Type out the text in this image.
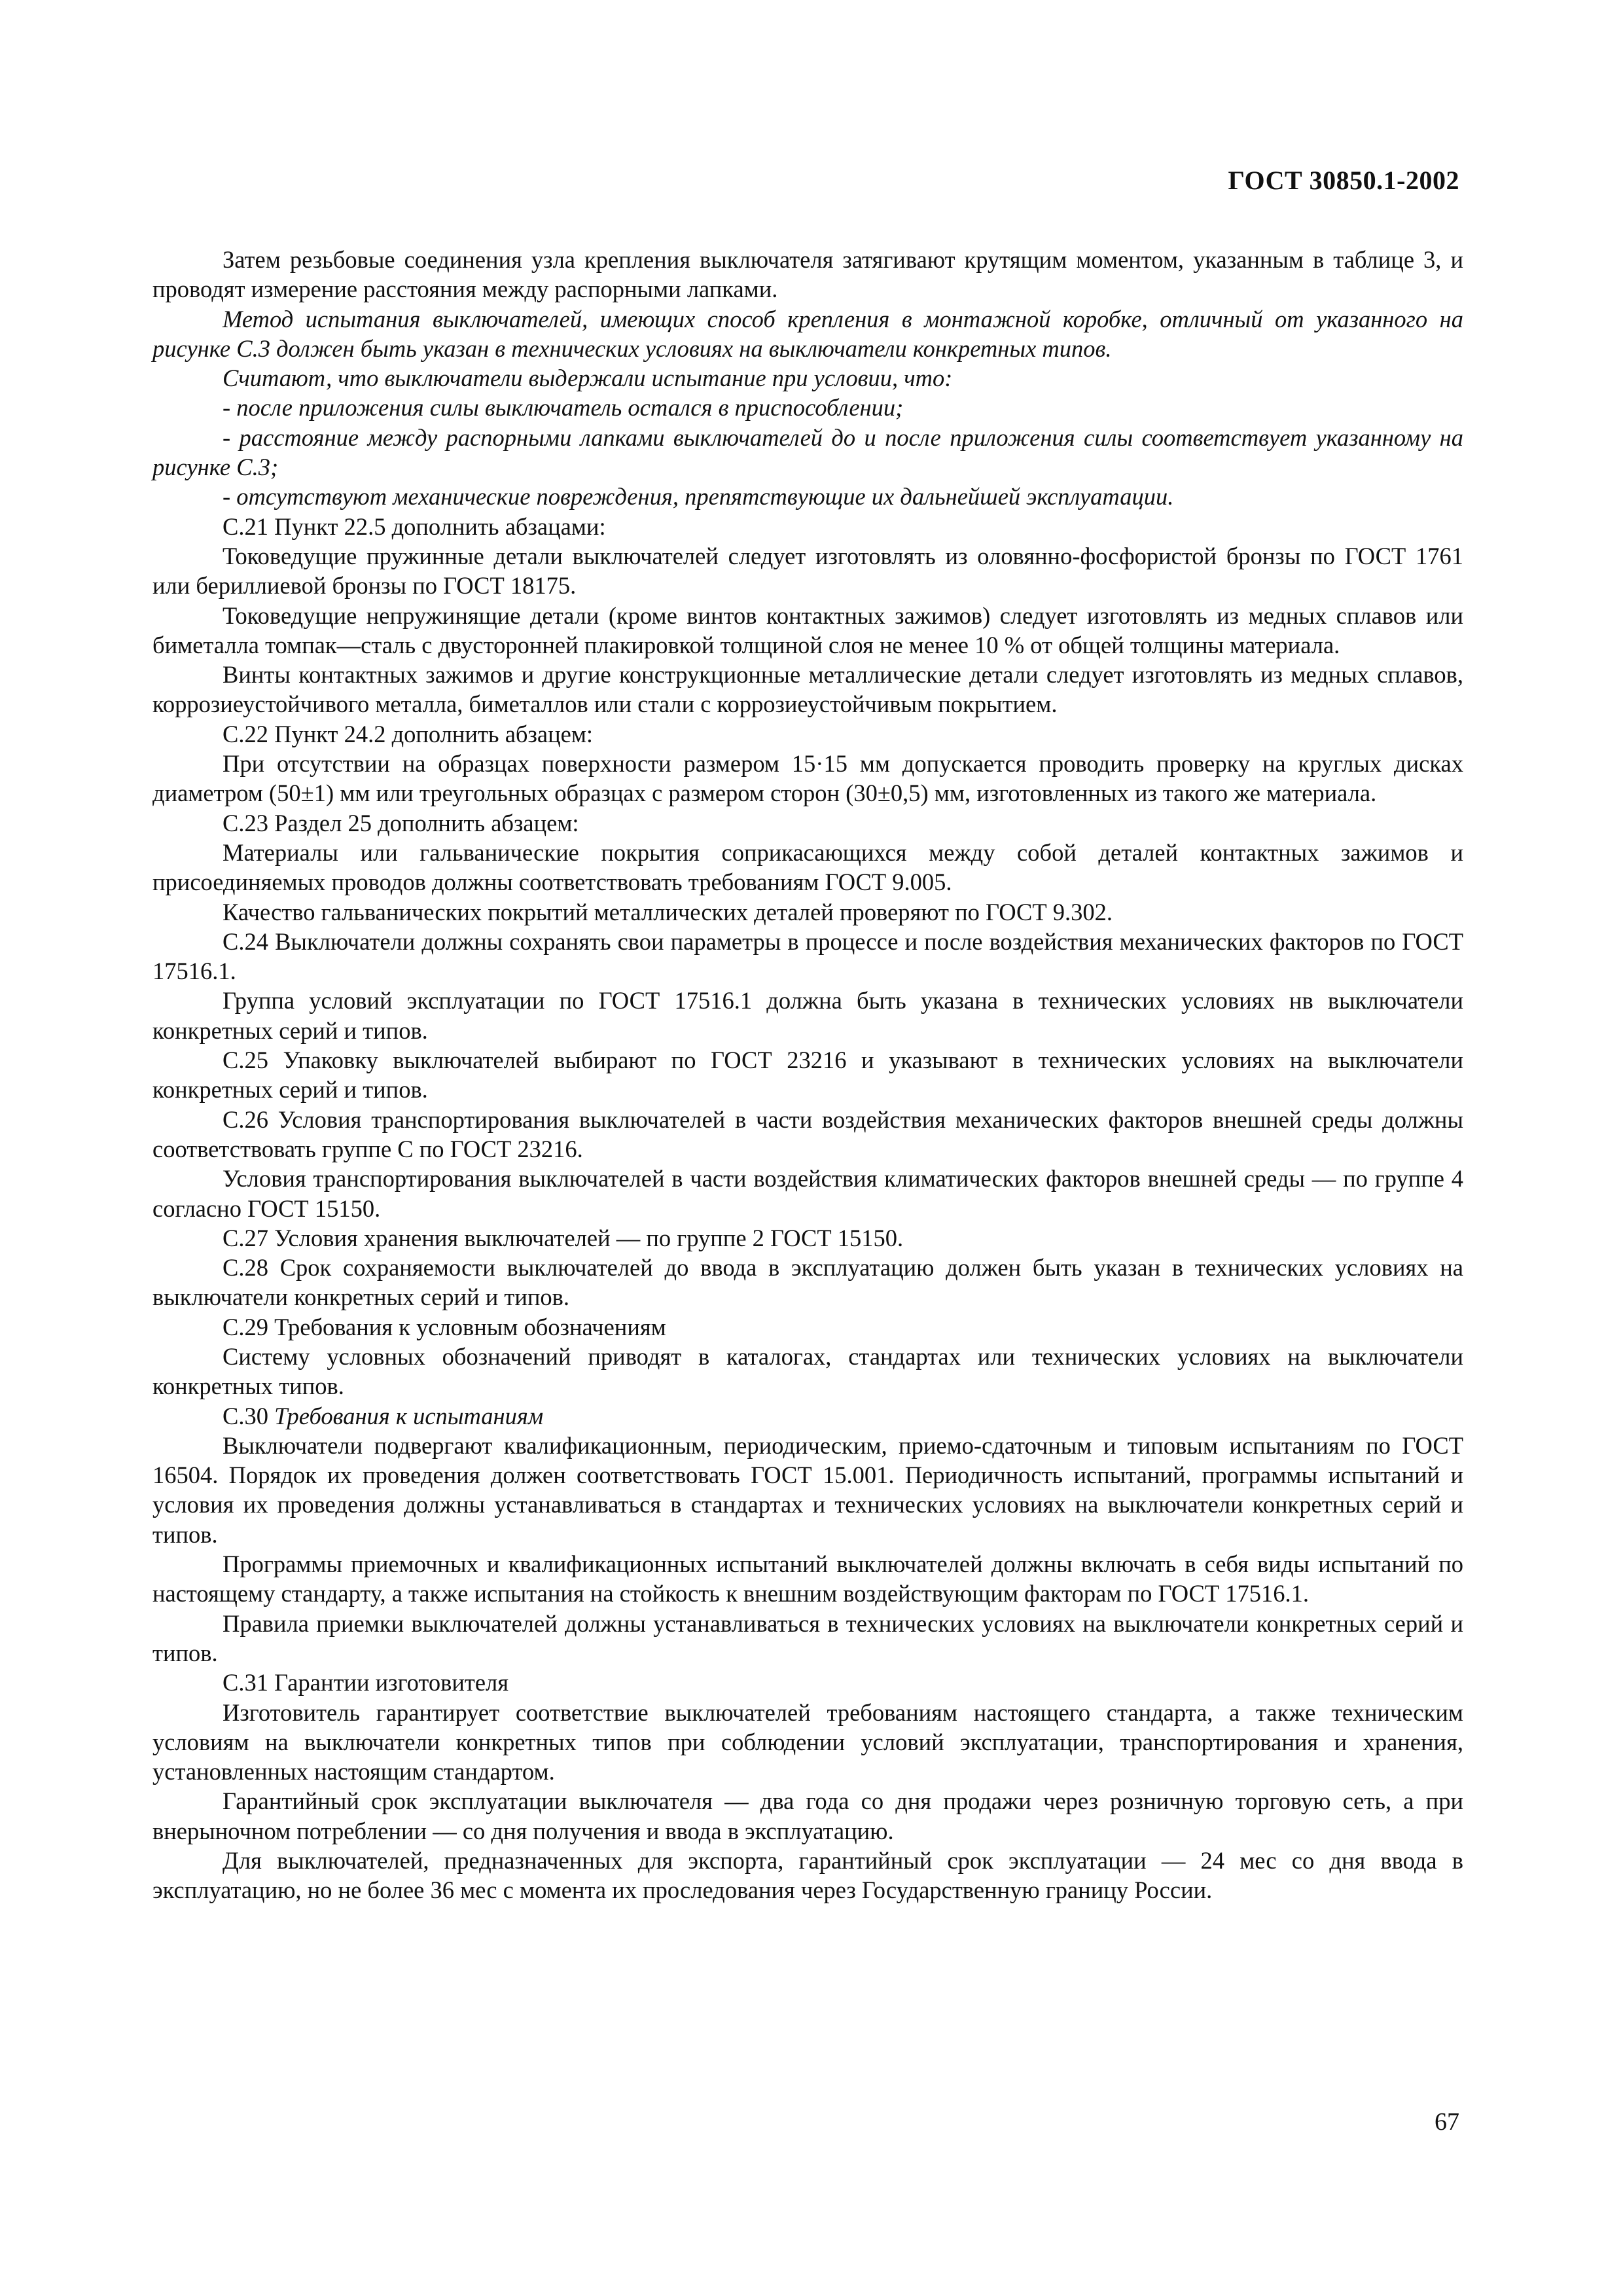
ГОСТ 30850.1-2002

Затем резьбовые соединения узла крепления выключателя затягивают крутящим моментом, указанным в таблице 3, и проводят измерение расстояния между распорными лапками.

Метод испытания выключателей, имеющих способ крепления в монтажной коробке, отличный от указанного на рисунке С.3 должен быть указан в технических условиях на выключатели конкретных типов.

Считают, что выключатели выдержали испытание при условии, что:

- после приложения силы выключатель остался в приспособлении;

- расстояние между распорными лапками выключателей до и после приложения силы соответствует указанному на рисунке С.3;

- отсутствуют механические повреждения, препятствующие их дальнейшей эксплуатации.

С.21 Пункт 22.5 дополнить абзацами:

Токоведущие пружинные детали выключателей следует изготовлять из оловянно-фосфористой бронзы по ГОСТ 1761 или бериллиевой бронзы по ГОСТ 18175.

Токоведущие непружинящие детали (кроме винтов контактных зажимов) следует изготовлять из медных сплавов или биметалла томпак—сталь с двусторонней плакировкой толщиной слоя не менее 10 % от общей толщины материала.

Винты контактных зажимов и другие конструкционные металлические детали следует изготовлять из медных сплавов, коррозиеустойчивого металла, биметаллов или стали с коррозиеустойчивым покрытием.

С.22 Пункт 24.2 дополнить абзацем:

При отсутствии на образцах поверхности размером 15·15 мм допускается проводить проверку на круглых дисках диаметром (50±1) мм или треугольных образцах с размером сторон (30±0,5) мм, изготовленных из такого же материала.

С.23 Раздел 25 дополнить абзацем:

Материалы или гальванические покрытия соприкасающихся между собой деталей контактных зажимов и присоединяемых проводов должны соответствовать требованиям ГОСТ 9.005.

Качество гальванических покрытий металлических деталей проверяют по ГОСТ 9.302.

С.24 Выключатели должны сохранять свои параметры в процессе и после воздействия механических факторов по ГОСТ 17516.1.

Группа условий эксплуатации по ГОСТ 17516.1 должна быть указана в технических условиях нв выключатели конкретных серий и типов.

С.25 Упаковку выключателей выбирают по ГОСТ 23216 и указывают в технических условиях на выключатели конкретных серий и типов.

С.26 Условия транспортирования выключателей в части воздействия механических факторов внешней среды должны соответствовать группе С по ГОСТ 23216.

Условия транспортирования выключателей в части воздействия климатических факторов внешней среды — по группе 4 согласно ГОСТ 15150.

С.27 Условия хранения выключателей — по группе 2 ГОСТ 15150.

С.28 Срок сохраняемости выключателей до ввода в эксплуатацию должен быть указан в технических условиях на выключатели конкретных серий и типов.

С.29 Требования к условным обозначениям

Систему условных обозначений приводят в каталогах, стандартах или технических условиях на выключатели конкретных типов.

С.30 Требования к испытаниям

Выключатели подвергают квалификационным, периодическим, приемо-сдаточным и типовым испытаниям по ГОСТ 16504. Порядок их проведения должен соответствовать ГОСТ 15.001. Периодичность испытаний, программы испытаний и условия их проведения должны устанавливаться в стандартах и технических условиях на выключатели конкретных серий и типов.

Программы приемочных и квалификационных испытаний выключателей должны включать в себя виды испытаний по настоящему стандарту, а также испытания на стойкость к внешним воздействующим факторам по ГОСТ 17516.1.

Правила приемки выключателей должны устанавливаться в технических условиях на выключатели конкретных серий и типов.

С.31 Гарантии изготовителя

Изготовитель гарантирует соответствие выключателей требованиям настоящего стандарта, а также техническим условиям на выключатели конкретных типов при соблюдении условий эксплуатации, транспортирования и хранения, установленных настоящим стандартом.

Гарантийный срок эксплуатации выключателя — два года со дня продажи через розничную торговую сеть, а при внерыночном потреблении — со дня получения и ввода в эксплуатацию.

Для выключателей, предназначенных для экспорта, гарантийный срок эксплуатации — 24 мес со дня ввода в эксплуатацию, но не более 36 мес с момента их проследования через Государственную границу России.

67
